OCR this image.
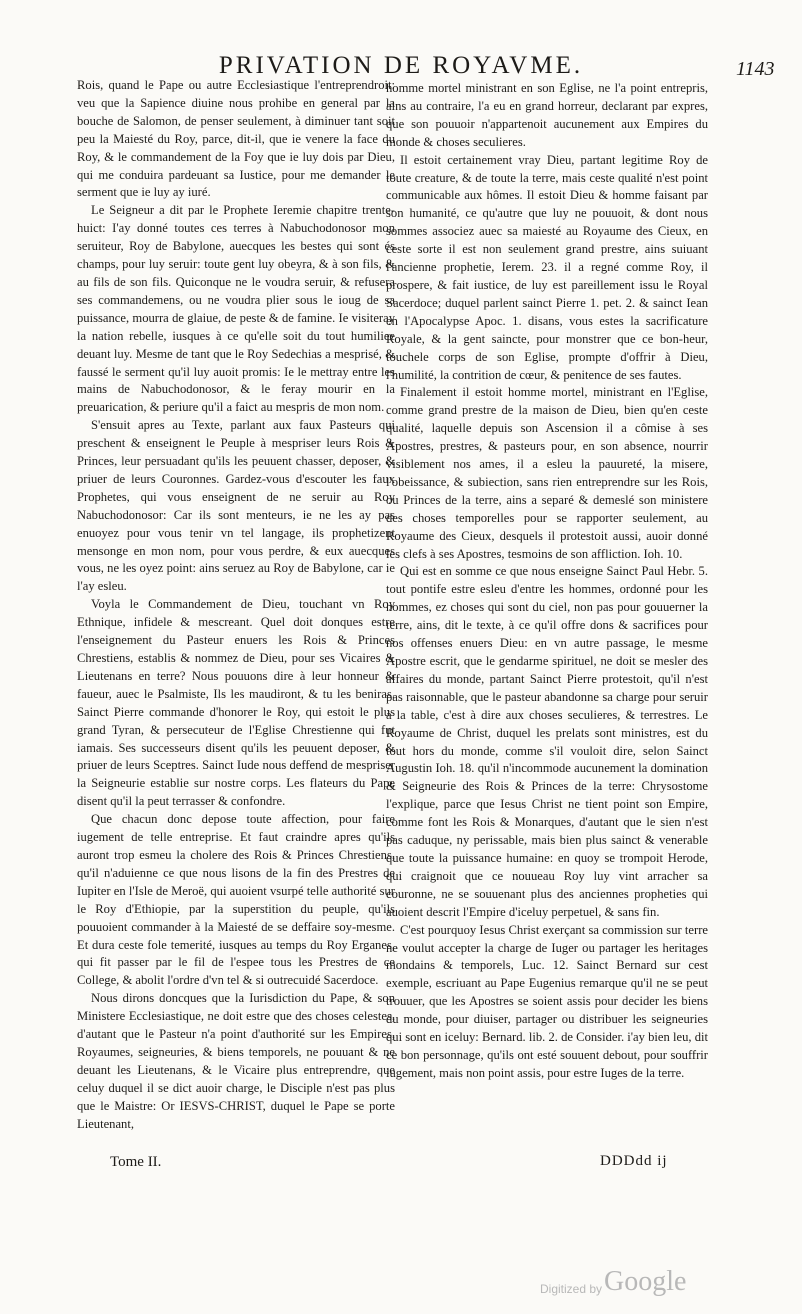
PRIVATION DE ROYAVME.	1143

Rois, quand le Pape ou autre Ecclesiastique l'entreprendroit: veu que la Sapience diuine nous prohibe en general par la bouche de Salomon, de penser seulement, à diminuer tant soit peu la Maiesté du Roy, parce, dit-il, que ie venere la face du Roy, & le commandement de la Foy que ie luy dois par Dieu, qui me conduira pardeuant sa Iustice, pour me demander le serment que ie luy ay iuré.

Le Seigneur a dit par le Prophete Ieremie chapitre trente-huict: I'ay donné toutes ces terres à Nabuchodonosor mon seruiteur, Roy de Babylone, auecques les bestes qui sont és champs, pour luy seruir: toute gent luy obeyra, & à son fils, & au fils de son fils. Quiconque ne le voudra seruir, & refusera ses commandemens, ou ne voudra plier sous le ioug de sa puissance, mourra de glaiue, de peste & de famine. Ie visiteray la nation rebelle, iusques à ce qu'elle soit du tout humiliee deuant luy. Mesme de tant que le Roy Sedechias a mesprisé, & faussé le serment qu'il luy auoit promis: Ie le mettray entre les mains de Nabuchodonosor, & le feray mourir en la preuarication, & periure qu'il a faict au mespris de mon nom.

S'ensuit apres au Texte, parlant aux faux Pasteurs qui preschent & enseignent le Peuple à mespriser leurs Rois & Princes, leur persuadant qu'ils les peuuent chasser, deposer, & priuer de leurs Couronnes. Gardez-vous d'escouter les faux Prophetes, qui vous enseignent de ne seruir au Roy Nabuchodonosor: Car ils sont menteurs, ie ne les ay pas enuoyez pour vous tenir vn tel langage, ils prophetizent mensonge en mon nom, pour vous perdre, & eux auecques vous, ne les oyez point: ains seruez au Roy de Babylone, car ie l'ay esleu.

Voyla le Commandement de Dieu, touchant vn Roy Ethnique, infidele & mescreant. Quel doit donques estre l'enseignement du Pasteur enuers les Rois & Princes Chrestiens, establis & nommez de Dieu, pour ses Vicaires & Lieutenans en terre? Nous pouuons dire à leur honneur & faueur, auec le Psalmiste, Ils les maudiront, & tu les beniras. Sainct Pierre commande d'honorer le Roy, qui estoit le plus grand Tyran, & persecuteur de l'Eglise Chrestienne qui fut iamais. Ses successeurs disent qu'ils les peuuent deposer, & priuer de leurs Sceptres. Sainct Iude nous deffend de mespriser la Seigneurie establie sur nostre corps. Les flateurs du Pape disent qu'il la peut terrasser & confondre.

Que chacun donc depose toute affection, pour faire iugement de telle entreprise. Et faut craindre apres qu'ils auront trop esmeu la cholere des Rois & Princes Chrestiens, qu'il n'aduienne ce que nous lisons de la fin des Prestres de Iupiter en l'Isle de Meroë, qui auoient vsurpé telle authorité sur le Roy d'Ethiopie, par la superstition du peuple, qu'ils pouuoient commander à la Maiesté de se deffaire soy-mesme. Et dura ceste fole temerité, iusques au temps du Roy Erganes, qui fit passer par le fil de l'espee tous les Prestres de ce College, & abolit l'ordre d'vn tel & si outrecuidé Sacerdoce.

Nous dirons doncques que la Iurisdiction du Pape, & son Ministere Ecclesiastique, ne doit estre que des choses celestes, d'autant que le Pasteur n'a point d'authorité sur les Empires, Royaumes, seigneuries, & biens temporels, ne pouuant & ne deuant les Lieutenans, & le Vicaire plus entreprendre, que celuy duquel il se dict auoir charge, le Disciple n'est pas plus que le Maistre: Or IESVS-CHRIST, duquel le Pape se porte Lieutenant,

homme mortel ministrant en son Eglise, ne l'a point entrepris, ains au contraire, l'a eu en grand horreur, declarant par expres, que son pouuoir n'appartenoit aucunement aux Empires du monde & choses seculieres.

Il estoit certainement vray Dieu, partant legitime Roy de toute creature, & de toute la terre, mais ceste qualité n'est point communicable aux hômes. Il estoit Dieu & homme faisant par son humanité, ce qu'autre que luy ne pouuoit, & dont nous sommes associez auec sa maiesté au Royaume des Cieux, en ceste sorte il est non seulement grand prestre, ains suiuant l'ancienne prophetie, Ierem. 23. il a regné comme Roy, il prospere, & fait iustice, de luy est pareillement issu le Royal Sacerdoce; duquel parlent sainct Pierre 1. pet. 2. & sainct Iean en l'Apocalypse Apoc. 1. disans, vous estes la sacrificature Royale, & la gent saincte, pour monstrer que ce bon-heur, touchele corps de son Eglise, prompte d'offrir à Dieu, l'humilité, la contrition de cœur, & penitence de ses fautes.

Finalement il estoit homme mortel, ministrant en l'Eglise, comme grand prestre de la maison de Dieu, bien qu'en ceste qualité, laquelle depuis son Ascension il a cômise à ses Apostres, prestres, & pasteurs pour, en son absence, nourrir visiblement nos ames, il a esleu la pauureté, la misere, l'obeissance, & subiection, sans rien entreprendre sur les Rois, ou Princes de la terre, ains a separé & demeslé son ministere des choses temporelles pour se rapporter seulement, au Royaume des Cieux, desquels il protestoit aussi, auoir donné les clefs à ses Apostres, tesmoins de son affliction. Ioh. 10.

Qui est en somme ce que nous enseigne Sainct Paul Hebr. 5. tout pontife estre esleu d'entre les hommes, ordonné pour les hommes, ez choses qui sont du ciel, non pas pour gouuerner la terre, ains, dit le texte, à ce qu'il offre dons & sacrifices pour nos offenses enuers Dieu: en vn autre passage, le mesme Apostre escrit, que le gendarme spirituel, ne doit se mesler des affaires du monde, partant Sainct Pierre protestoit, qu'il n'est pas raisonnable, que le pasteur abandonne sa charge pour seruir à la table, c'est à dire aux choses seculieres, & terrestres. Le Royaume de Christ, duquel les prelats sont ministres, est du tout hors du monde, comme s'il vouloit dire, selon Sainct Augustin Ioh. 18. qu'il n'incommode aucunement la domination & Seigneurie des Rois & Princes de la terre: Chrysostome l'explique, parce que Iesus Christ ne tient point son Empire, comme font les Rois & Monarques, d'autant que le sien n'est pas caduque, ny perissable, mais bien plus sainct & venerable que toute la puissance humaine: en quoy se trompoit Herode, qui craignoit que ce nouueau Roy luy vint arracher sa couronne, ne se souuenant plus des anciennes propheties qui auoient descrit l'Empire d'iceluy perpetuel, & sans fin.

C'est pourquoy Iesus Christ exerçant sa commission sur terre ne voulut accepter la charge de Iuger ou partager les heritages mondains & temporels, Luc. 12. Sainct Bernard sur cest exemple, escriuant au Pape Eugenius remarque qu'il ne se peut trouuer, que les Apostres se soient assis pour decider les biens du monde, pour diuiser, partager ou distribuer les seigneuries qui sont en iceluy: Bernard. lib. 2. de Consider. i'ay bien leu, dit ce bon personnage, qu'ils ont esté souuent debout, pour souffrir iugement, mais non point assis, pour estre Iuges de la terre.

Tome II.	DDDdd ij
Digitized by Google
